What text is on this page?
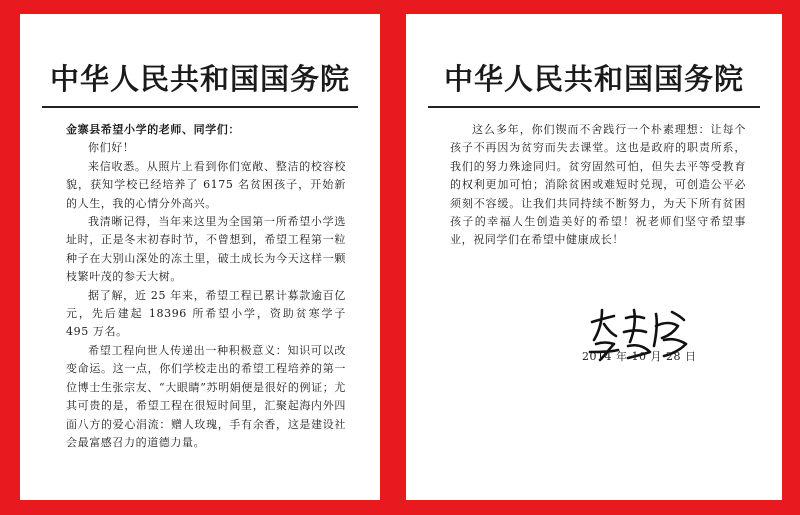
中华人民共和国国务院

金寨县希望小学的老师、同学们：

你们好！

来信收悉。从照片上看到你们宽敞、整洁的校容校貌，获知学校已经培养了 6175 名贫困孩子，开始新的人生，我的心情分外高兴。

我清晰记得，当年来这里为全国第一所希望小学选址时，正是冬末初春时节，不曾想到，希望工程第一粒种子在大别山深处的冻土里，破土成长为今天这样一颗枝繁叶茂的参天大树。

据了解，近 25 年来，希望工程已累计募款逾百亿元，先后建起 18396 所希望小学，资助贫寒学子 495 万名。

希望工程向世人传递出一种积极意义：知识可以改变命运。这一点，你们学校走出的希望工程培养的第一位博士生张宗友、“大眼睛”苏明娟便是很好的例证；尤其可贵的是，希望工程在很短时间里，汇聚起海内外四面八方的爱心涓流：赠人玫瑰，手有余香，这是建设社会最富感召力的道德力量。

中华人民共和国国务院

这么多年，你们锲而不舍践行一个朴素理想：让每个孩子不再因为贫穷而失去课堂。这也是政府的职责所系，我们的努力殊途同归。贫穷固然可怕，但失去平等受教育的权利更加可怕；消除贫困或难短时兑现，可创造公平必须刻不容缓。让我们共同持续不断努力，为天下所有贫困孩子的幸福人生创造美好的希望！祝老师们坚守希望事业，祝同学们在希望中健康成长！

2014 年 10 月 28 日
